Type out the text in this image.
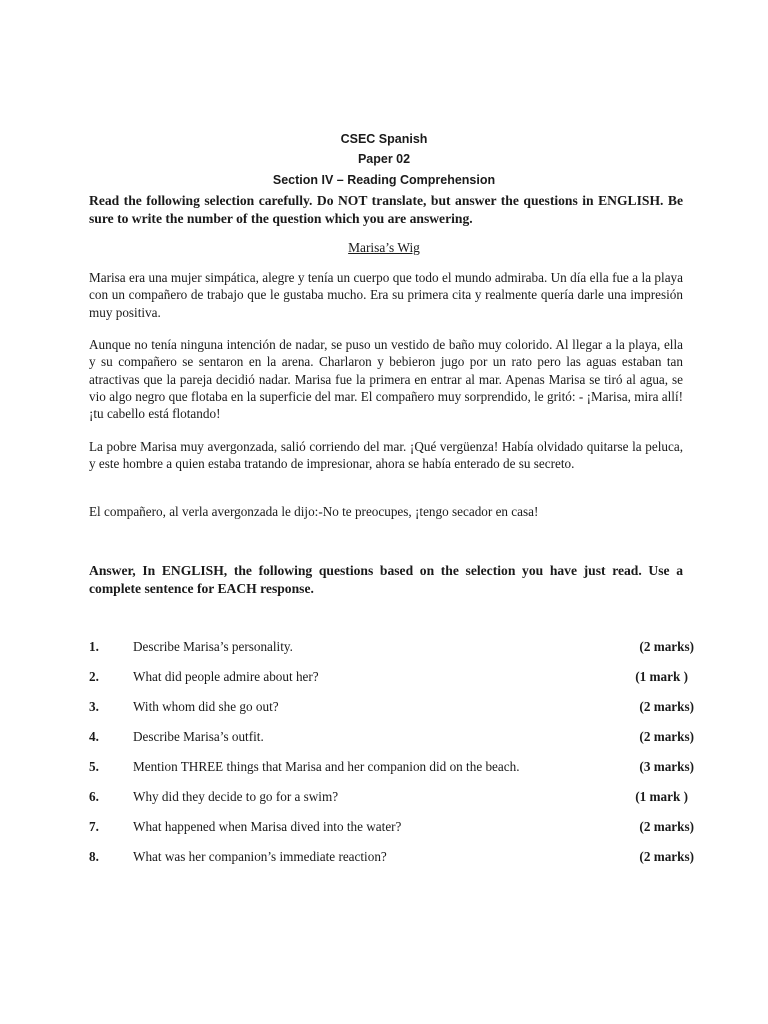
CSEC Spanish
Paper 02
Section IV – Reading Comprehension
Read the following selection carefully. Do NOT translate, but answer the questions in ENGLISH. Be sure to write the number of the question which you are answering.
Marisa’s Wig
Marisa era una mujer simpática, alegre y tenía un cuerpo que todo el mundo admiraba. Un día ella fue a la playa con un compañero de trabajo que le gustaba mucho. Era su primera cita y realmente quería darle una impresión muy positiva.
Aunque no tenía ninguna intención de nadar, se puso un vestido de baño muy colorido. Al llegar a la playa, ella y su compañero se sentaron en la arena. Charlaron y bebieron jugo por un rato pero las aguas estaban tan atractivas que la pareja decidió nadar. Marisa fue la primera en entrar al mar. Apenas Marisa se tiró al agua, se vio algo negro que flotaba en la superficie del mar. El compañero muy sorprendido, le gritó: - ¡Marisa, mira allí! ¡tu cabello está flotando!
La pobre Marisa muy avergonzada, salió corriendo del mar. ¡Qué vergüenza! Había olvidado quitarse la peluca, y este hombre a quien estaba tratando de impresionar, ahora se había enterado de su secreto.
El compañero, al verla avergonzada le dijo:-No te preocupes, ¡tengo secador en casa!
Answer, In ENGLISH, the following questions based on the selection you have just read. Use a complete sentence for EACH response.
1.	Describe Marisa’s personality.	(2 marks)
2.	What did people admire about her?	(1 mark )
3.	With whom did she go out?	(2 marks)
4.	Describe Marisa’s outfit.	(2 marks)
5.	Mention THREE things that Marisa and her companion did on the beach.	(3 marks)
6.	Why did they decide to go for a swim?	(1 mark )
7.	What happened when Marisa dived into the water?	(2 marks)
8.	What was her companion’s immediate reaction?	(2 marks)
